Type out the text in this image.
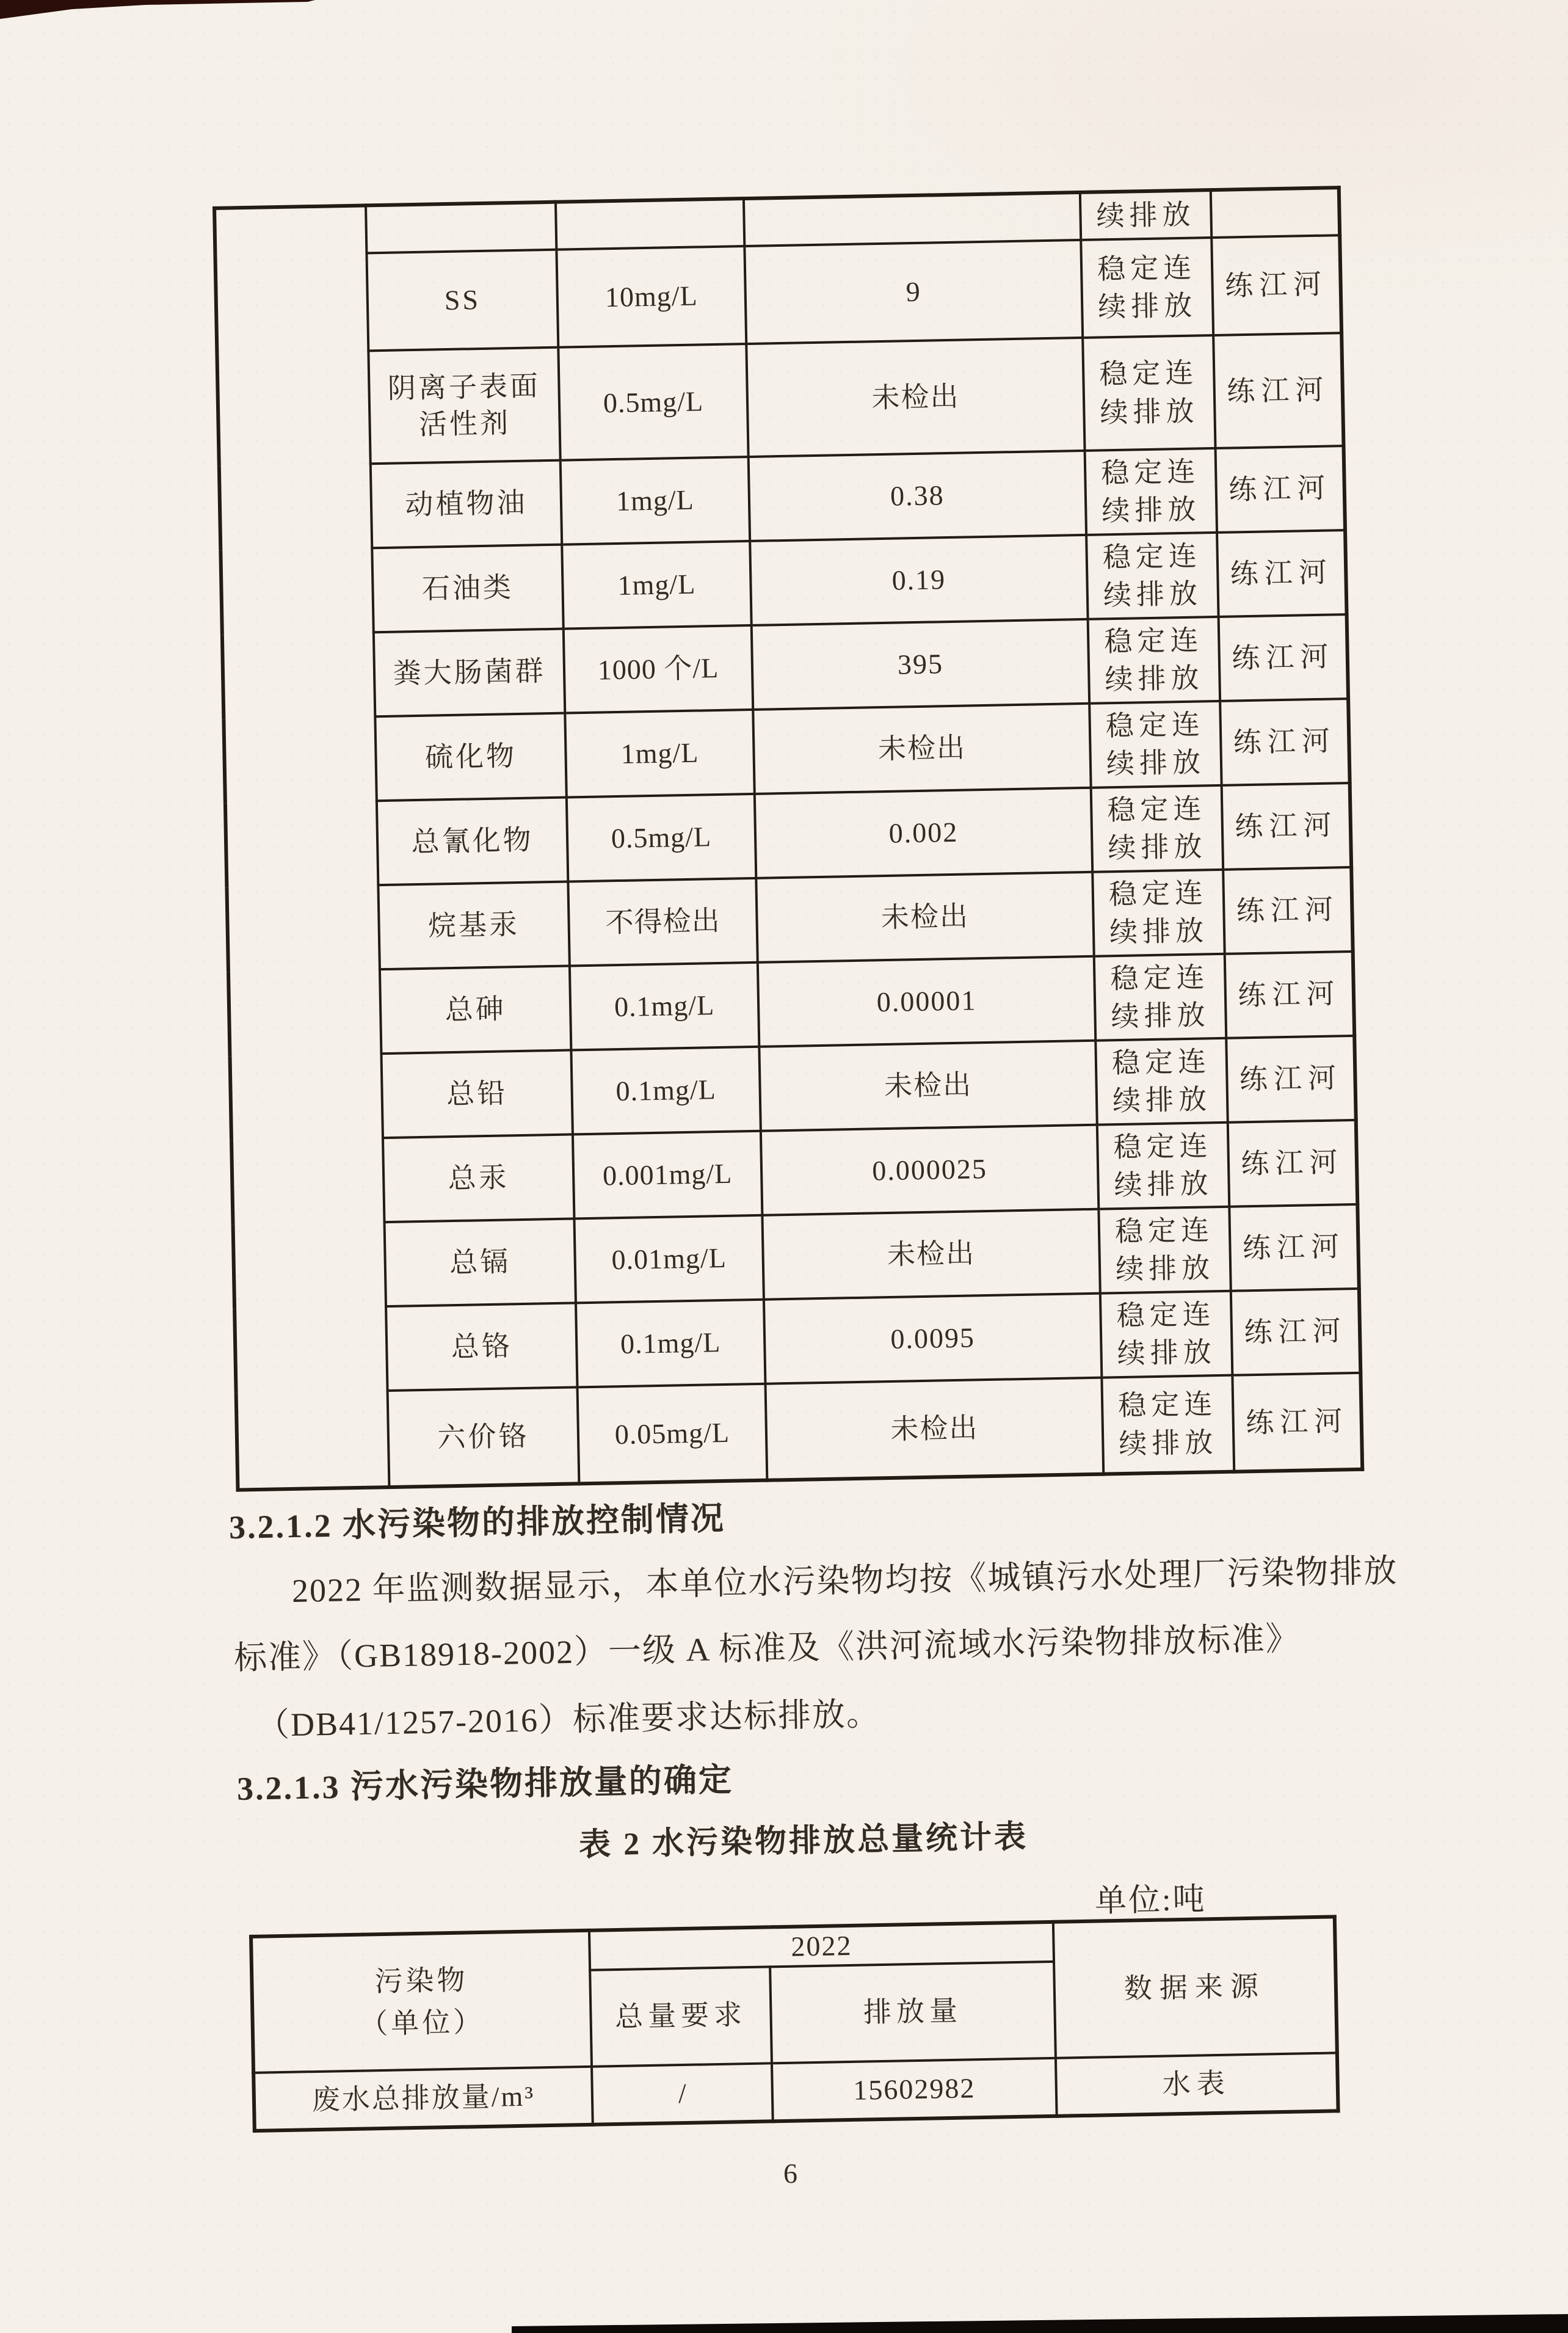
				续排放	
	SS	10mg/L	9	稳定连续排放	练江河
	阴离子表面活性剂	0.5mg/L	未检出	稳定连续排放	练江河
	动植物油	1mg/L	0.38	稳定连续排放	练江河
	石油类	1mg/L	0.19	稳定连续排放	练江河
	粪大肠菌群	1000 个/L	395	稳定连续排放	练江河
	硫化物	1mg/L	未检出	稳定连续排放	练江河
	总氰化物	0.5mg/L	0.002	稳定连续排放	练江河
	烷基汞	不得检出	未检出	稳定连续排放	练江河
	总砷	0.1mg/L	0.00001	稳定连续排放	练江河
	总铅	0.1mg/L	未检出	稳定连续排放	练江河
	总汞	0.001mg/L	0.000025	稳定连续排放	练江河
	总镉	0.01mg/L	未检出	稳定连续排放	练江河
	总铬	0.1mg/L	0.0095	稳定连续排放	练江河
	六价铬	0.05mg/L	未检出	稳定连续排放	练江河
3.2.1.2 水污染物的排放控制情况
2022 年监测数据显示，本单位水污染物均按《城镇污水处理厂污染物排放
标准》（GB18918-2002）一级 A 标准及《洪河流域水污染物排放标准》
（DB41/1257-2016）标准要求达标排放。
3.2.1.3 污水污染物排放量的确定
表 2 水污染物排放总量统计表
单位:吨
污染物
（单位）	2022		数据来源
	总量要求	排放量	
废水总排放量/m³	/	15602982	水表
6
